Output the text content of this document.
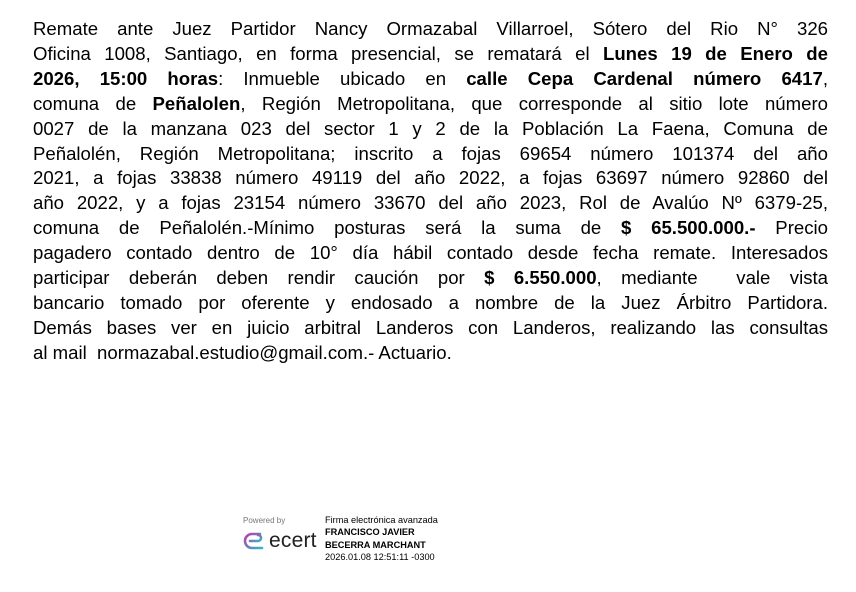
Remate ante Juez Partidor Nancy Ormazabal Villarroel, Sótero del Rio N° 326
Oficina 1008, Santiago, en forma presencial, se rematará el Lunes 19 de Enero de
2026, 15:00 horas: Inmueble ubicado en calle Cepa Cardenal número 6417,
comuna de Peñalolen, Región Metropolitana, que corresponde al sitio lote número
0027 de la manzana 023 del sector 1 y 2 de la Población La Faena, Comuna de
Peñalolén, Región Metropolitana; inscrito a fojas 69654 número 101374 del año
2021, a fojas 33838 número 49119 del año 2022, a fojas 63697 número 92860 del
año 2022, y a fojas 23154 número 33670 del año 2023, Rol de Avalúo Nº 6379-25,
comuna de Peñalolén.-Mínimo posturas será la suma de $ 65.500.000.- Precio
pagadero contado dentro de 10° día hábil contado desde fecha remate. Interesados
participar deberán deben rendir caución por $ 6.550.000, mediante  vale vista
bancario tomado por oferente y endosado a nombre de la Juez Árbitro Partidora.
Demás bases ver en juicio arbitral Landeros con Landeros, realizando las consultas
al mail  normazabal.estudio@gmail.com.- Actuario.
Powered by
ecert
Firma electrónica avanzada
FRANCISCO JAVIER
BECERRA MARCHANT
2026.01.08 12:51:11 -0300
